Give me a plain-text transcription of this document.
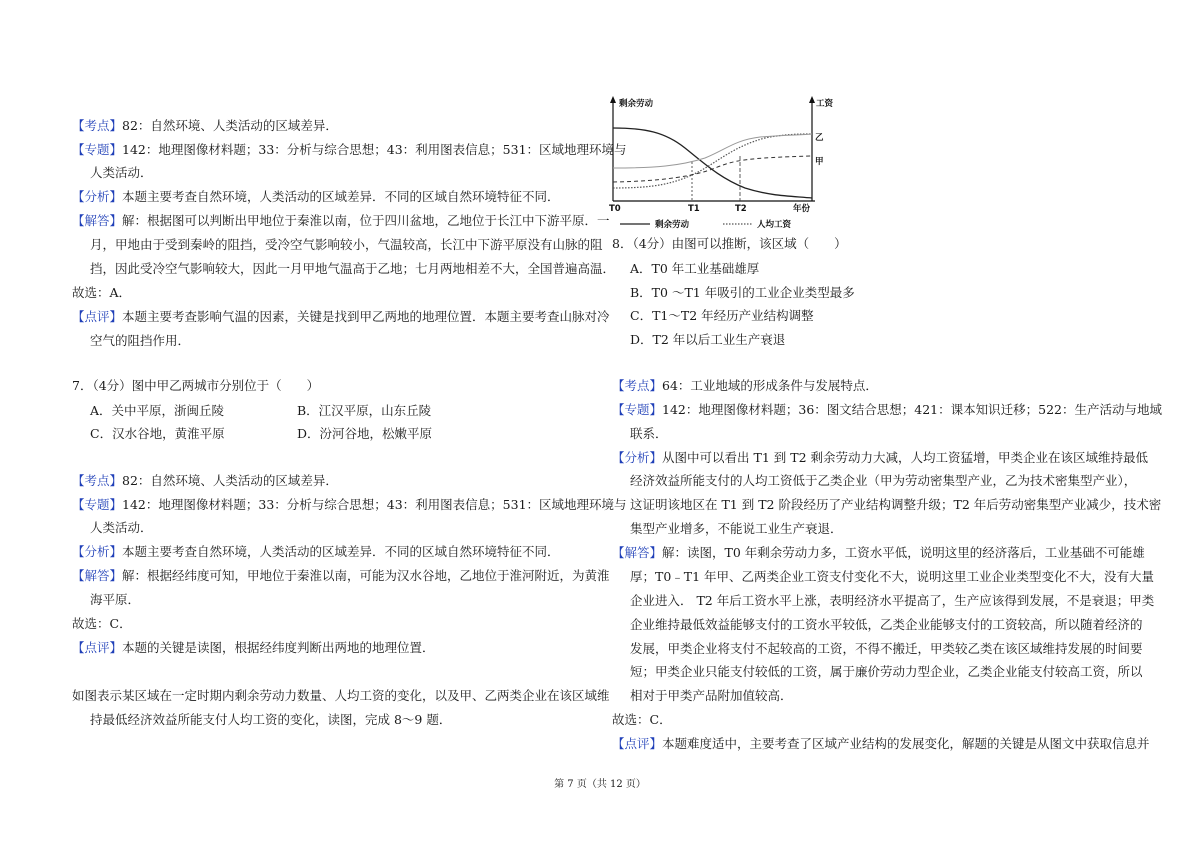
【考点】82：自然环境、人类活动的区域差异．
【专题】142：地理图像材料题；33：分析与综合思想；43：利用图表信息；531：区域地理环境与
人类活动．
【分析】本题主要考查自然环境，人类活动的区域差异．不同的区域自然环境特征不同．
【解答】解：根据图可以判断出甲地位于秦淮以南，位于四川盆地，乙地位于长江中下游平原．一
月，甲地由于受到秦岭的阻挡，受冷空气影响较小，气温较高，长江中下游平原没有山脉的阻
挡，因此受冷空气影响较大，因此一月甲地气温高于乙地；七月两地相差不大，全国普遍高温．
故选：A．
【点评】本题主要考查影响气温的因素，关键是找到甲乙两地的地理位置．本题主要考查山脉对冷
空气的阻挡作用．
7．（4分）图中甲乙两城市分别位于（　　）
A．关中平原，浙闽丘陵	B．江汉平原，山东丘陵
C．汉水谷地，黄淮平原	D．汾河谷地，松嫩平原
【考点】82：自然环境、人类活动的区域差异．
【专题】142：地理图像材料题；33：分析与综合思想；43：利用图表信息；531：区域地理环境与
人类活动．
【分析】本题主要考查自然环境，人类活动的区域差异．不同的区域自然环境特征不同．
【解答】解：根据经纬度可知，甲地位于秦淮以南，可能为汉水谷地，乙地位于淮河附近，为黄淮
海平原．
故选：C．
【点评】本题的关键是读图，根据经纬度判断出两地的地理位置．
如图表示某区域在一定时期内剩余劳动力数量、人均工资的变化，以及甲、乙两类企业在该区域维
持最低经济效益所能支付人均工资的变化，读图，完成 8～9 题．
剩余劳动	工资
年份
乙
甲
T0	T1	T2
剩余劳动	人均工资
8．（4分）由图可以推断，该区域（　　）
A．T0 年工业基础雄厚
B．T0 ～T1 年吸引的工业企业类型最多
C．T1～T2 年经历产业结构调整
D．T2 年以后工业生产衰退
【考点】64：工业地域的形成条件与发展特点．
【专题】142：地理图像材料题；36：图文结合思想；421：课本知识迁移；522：生产活动与地域
联系．
【分析】从图中可以看出 T1 到 T2 剩余劳动力大减，人均工资猛增，甲类企业在该区域维持最低
经济效益所能支付的人均工资低于乙类企业（甲为劳动密集型产业，乙为技术密集型产业），
这证明该地区在 T1 到 T2 阶段经历了产业结构调整升级；T2 年后劳动密集型产业减少，技术密
集型产业增多，不能说工业生产衰退．
【解答】解：读图，T0 年剩余劳动力多，工资水平低，说明这里的经济落后，工业基础不可能雄
厚；T0﹣T1 年甲、乙两类企业工资支付变化不大，说明这里工业企业类型变化不大，没有大量
企业进入． T2 年后工资水平上涨，表明经济水平提高了，生产应该得到发展，不是衰退；甲类
企业维持最低效益能够支付的工资水平较低，乙类企业能够支付的工资较高，所以随着经济的
发展，甲类企业将支付不起较高的工资，不得不搬迁，甲类较乙类在该区域维持发展的时间要
短；甲类企业只能支付较低的工资，属于廉价劳动力型企业，乙类企业能支付较高工资，所以
相对于甲类产品附加值较高．
故选：C．
【点评】本题难度适中，主要考查了区域产业结构的发展变化，解题的关键是从图文中获取信息并
第 7 页（共 12 页）
